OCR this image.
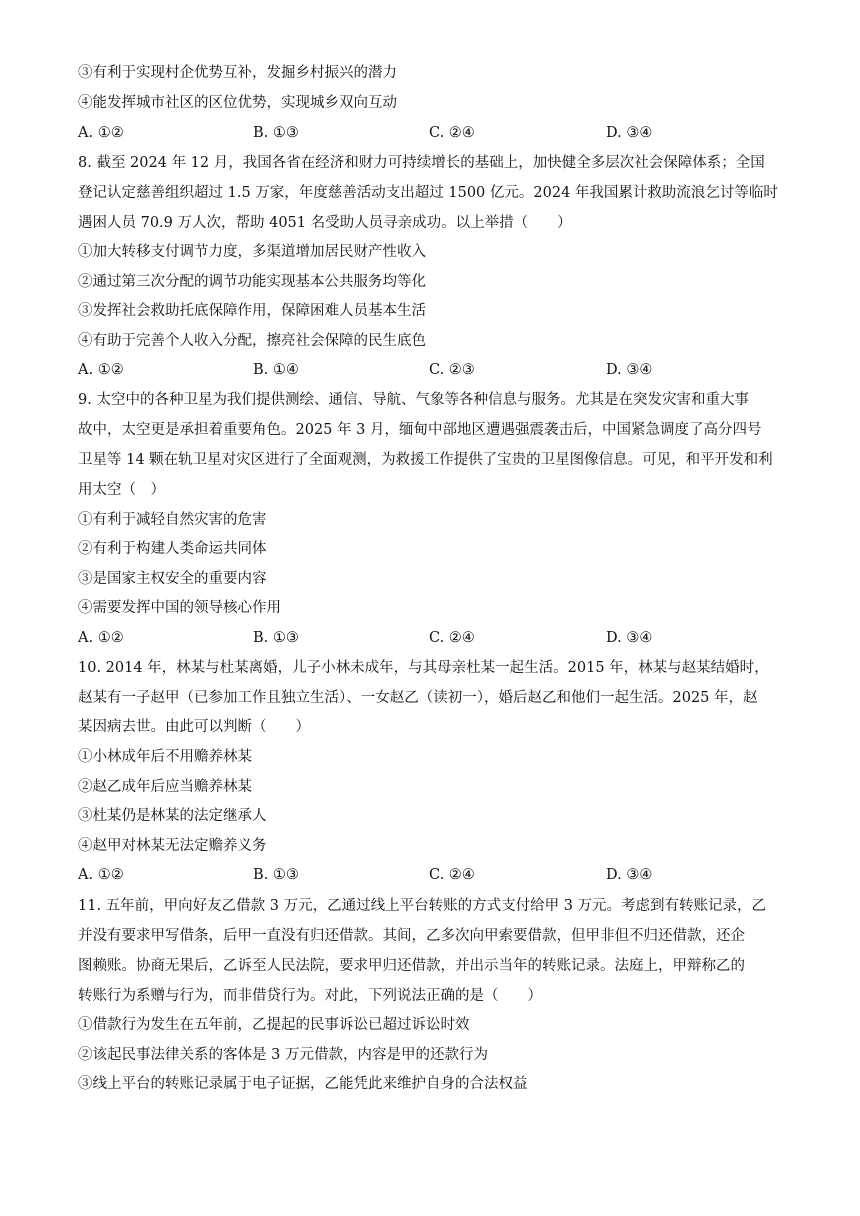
③有利于实现村企优势互补，发掘乡村振兴的潜力
④能发挥城市社区的区位优势，实现城乡双向互动
A. ①②	B. ①③	C. ②④	D. ③④
8. 截至 2024 年 12 月，我国各省在经济和财力可持续增长的基础上，加快健全多层次社会保障体系；全国
登记认定慈善组织超过 1.5 万家，年度慈善活动支出超过 1500 亿元。2024 年我国累计救助流浪乞讨等临时
遇困人员 70.9 万人次，帮助 4051 名受助人员寻亲成功。以上举措（　　）
①加大转移支付调节力度，多渠道增加居民财产性收入
②通过第三次分配的调节功能实现基本公共服务均等化
③发挥社会救助托底保障作用，保障困难人员基本生活
④有助于完善个人收入分配，擦亮社会保障的民生底色
A. ①②	B. ①④	C. ②③	D. ③④
9. 太空中的各种卫星为我们提供测绘、通信、导航、气象等各种信息与服务。尤其是在突发灾害和重大事
故中，太空更是承担着重要角色。2025 年 3 月，缅甸中部地区遭遇强震袭击后，中国紧急调度了高分四号
卫星等 14 颗在轨卫星对灾区进行了全面观测，为救援工作提供了宝贵的卫星图像信息。可见，和平开发和利
用太空（　）
①有利于减轻自然灾害的危害
②有利于构建人类命运共同体
③是国家主权安全的重要内容
④需要发挥中国的领导核心作用
A. ①②	B. ①③	C. ②④	D. ③④
10. 2014 年，林某与杜某离婚，儿子小林未成年，与其母亲杜某一起生活。2015 年，林某与赵某结婚时，
赵某有一子赵甲（已参加工作且独立生活）、一女赵乙（读初一），婚后赵乙和他们一起生活。2025 年，赵
某因病去世。由此可以判断（　　）
①小林成年后不用赡养林某
②赵乙成年后应当赡养林某
③杜某仍是林某的法定继承人
④赵甲对林某无法定赡养义务
A. ①②	B. ①③	C. ②④	D. ③④
11. 五年前，甲向好友乙借款 3 万元，乙通过线上平台转账的方式支付给甲 3 万元。考虑到有转账记录，乙
并没有要求甲写借条，后甲一直没有归还借款。其间，乙多次向甲索要借款，但甲非但不归还借款，还企
图赖账。协商无果后，乙诉至人民法院，要求甲归还借款，并出示当年的转账记录。法庭上，甲辩称乙的
转账行为系赠与行为，而非借贷行为。对此，下列说法正确的是（　　）
①借款行为发生在五年前，乙提起的民事诉讼已超过诉讼时效
②该起民事法律关系的客体是 3 万元借款，内容是甲的还款行为
③线上平台的转账记录属于电子证据，乙能凭此来维护自身的合法权益
